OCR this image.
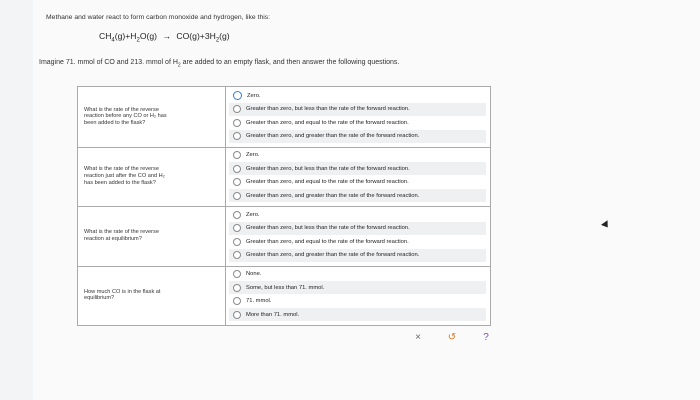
Methane and water react to form carbon monoxide and hydrogen, like this:
$CH_4(g)+H_2O(g) \to CO(g)+3H_2(g)$
Imagine 71. mmol of CO and 213. mmol of $H_2$ are added to an empty flask, and then answer the following questions.
What is the rate of the reverse
reaction before any CO or H₂ has
been added to the flask?
Zero.
Greater than zero, but less than the rate of the forward reaction.
Greater than zero, and equal to the rate of the forward reaction.
Greater than zero, and greater than the rate of the forward reaction.
What is the rate of the reverse
reaction just after the CO and H₂
has been added to the flask?
Zero.
Greater than zero, but less than the rate of the forward reaction.
Greater than zero, and equal to the rate of the forward reaction.
Greater than zero, and greater than the rate of the forward reaction.
What is the rate of the reverse
reaction at equilibrium?
Zero.
Greater than zero, but less than the rate of the forward reaction.
Greater than zero, and equal to the rate of the forward reaction.
Greater than zero, and greater than the rate of the forward reaction.
How much CO is in the flask at
equilibrium?
None.
Some, but less than 71. mmol.
71. mmol.
More than 71. mmol.
×	↺	?
